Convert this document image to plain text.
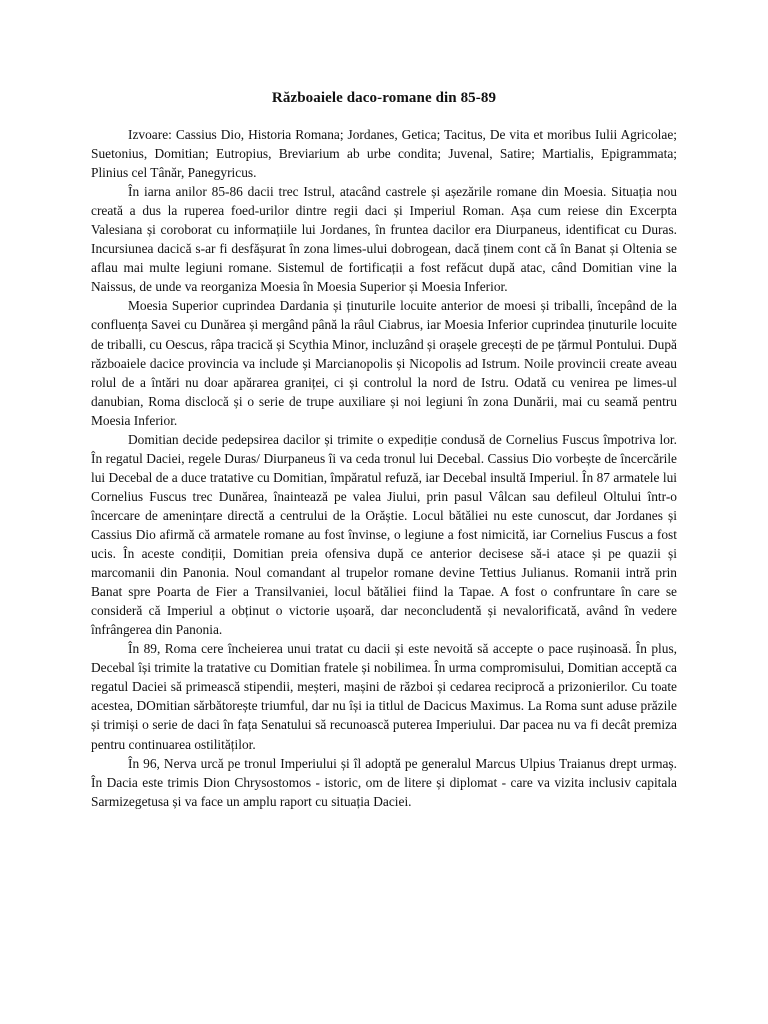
Războaiele daco-romane din 85-89

Izvoare: Cassius Dio, Historia Romana; Jordanes, Getica; Tacitus, De vita et moribus Iulii Agricolae; Suetonius, Domitian; Eutropius, Breviarium ab urbe condita; Juvenal, Satire; Martialis, Epigrammata; Plinius cel Tânăr, Panegyricus.

În iarna anilor 85-86 dacii trec Istrul, atacând castrele și așezările romane din Moesia. Situația nou creată a dus la ruperea foed-urilor dintre regii daci și Imperiul Roman. Așa cum reiese din Excerpta Valesiana și coroborat cu informațiile lui Jordanes, în fruntea dacilor era Diurpaneus, identificat cu Duras. Incursiunea dacică s-ar fi desfășurat în zona limes-ului dobrogean, dacă ținem cont că în Banat și Oltenia se aflau mai multe legiuni romane. Sistemul de fortificații a fost refăcut după atac, când Domitian vine la Naissus, de unde va reorganiza Moesia în Moesia Superior și Moesia Inferior.

Moesia Superior cuprindea Dardania și ținuturile locuite anterior de moesi și triballi, începând de la confluența Savei cu Dunărea și mergând până la râul Ciabrus, iar Moesia Inferior cuprindea ținuturile locuite de triballi, cu Oescus, râpa tracică și Scythia Minor, incluzând și orașele grecești de pe țărmul Pontului. După războaiele dacice provincia va include și Marcianopolis și Nicopolis ad Istrum. Noile provincii create aveau rolul de a întări nu doar apărarea graniței, ci și controlul la nord de Istru. Odată cu venirea pe limes-ul danubian, Roma disclocă și o serie de trupe auxiliare și noi legiuni în zona Dunării, mai cu seamă pentru Moesia Inferior.

Domitian decide pedepsirea dacilor și trimite o expediție condusă de Cornelius Fuscus împotriva lor. În regatul Daciei, regele Duras/ Diurpaneus îi va ceda tronul lui Decebal. Cassius Dio vorbește de încercările lui Decebal de a duce tratative cu Domitian, împăratul refuză, iar Decebal insultă Imperiul. În 87 armatele lui Cornelius Fuscus trec Dunărea, înaintează pe valea Jiului, prin pasul Vâlcan sau defileul Oltului într-o încercare de amenințare directă a centrului de la Orăștie. Locul bătăliei nu este cunoscut, dar Jordanes și Cassius Dio afirmă că armatele romane au fost învinse, o legiune a fost nimicită, iar Cornelius Fuscus a fost ucis. În aceste condiții, Domitian preia ofensiva după ce anterior decisese să-i atace și pe quazii și marcomanii din Panonia. Noul comandant al trupelor romane devine Tettius Julianus. Romanii intră prin Banat spre Poarta de Fier a Transilvaniei, locul bătăliei fiind la Tapae. A fost o confruntare în care se consideră că Imperiul a obținut o victorie ușoară, dar neconcludentă și nevalorificată, având în vedere înfrângerea din Panonia.

În 89, Roma cere încheierea unui tratat cu dacii și este nevoită să accepte o pace rușinoasă. În plus, Decebal își trimite la tratative cu Domitian fratele și nobilimea. În urma compromisului, Domitian acceptă ca regatul Daciei să primească stipendii, meșteri, mașini de război și cedarea reciprocă a prizonierilor. Cu toate acestea, DOmitian sărbătorește triumful, dar nu își ia titlul de Dacicus Maximus. La Roma sunt aduse prăzile și trimiși o serie de daci în fața Senatului să recunoască puterea Imperiului. Dar pacea nu va fi decât premiza pentru continuarea ostilităților.

În 96, Nerva urcă pe tronul Imperiului și îl adoptă pe generalul Marcus Ulpius Traianus drept urmaș. În Dacia este trimis Dion Chrysostomos - istoric, om de litere și diplomat - care va vizita inclusiv capitala Sarmizegetusa și va face un amplu raport cu situația Daciei.
